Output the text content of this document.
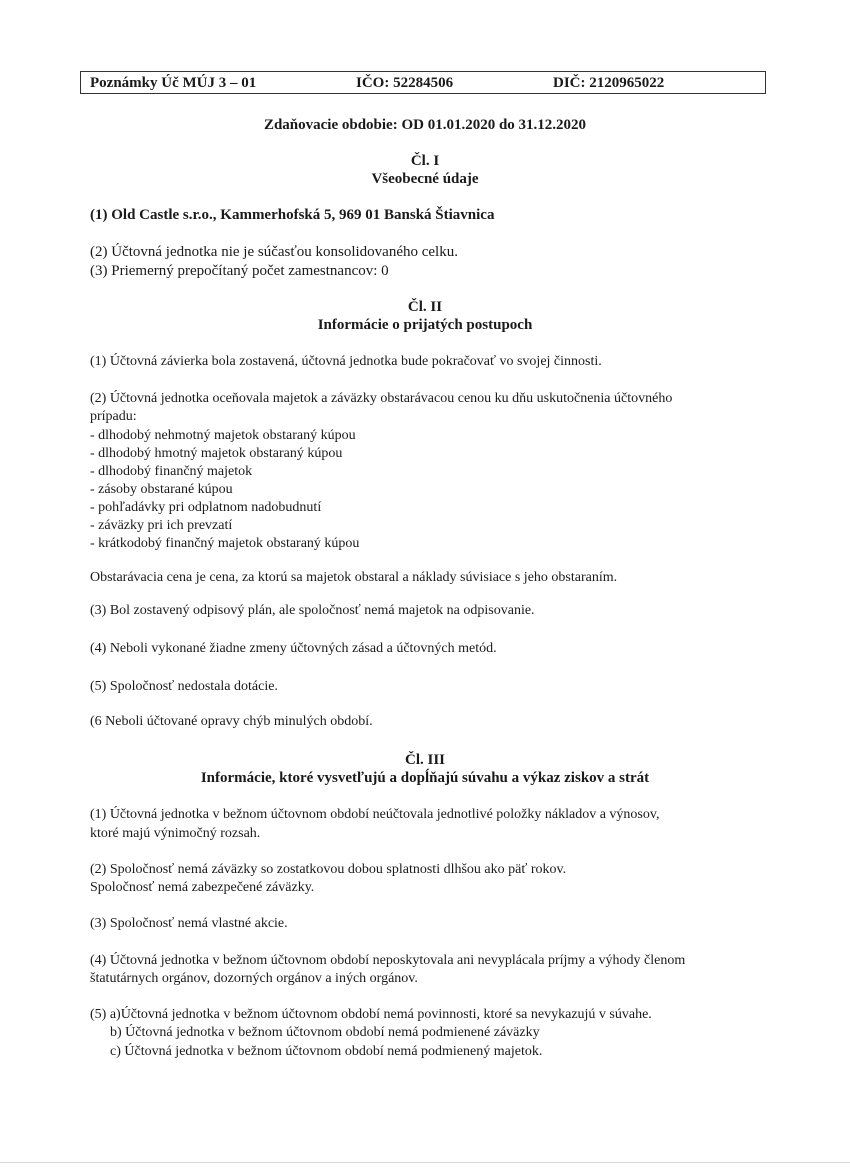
Poznámky Úč MÚJ 3 – 01	IČO: 52284506	DIČ: 2120965022
Zdaňovacie obdobie: OD 01.01.2020 do 31.12.2020
Čl. I
Všeobecné údaje
(1) Old Castle s.r.o., Kammerhofská 5, 969 01 Banská Štiavnica
(2) Účtovná jednotka nie je súčasťou konsolidovaného celku.
(3) Priemerný prepočítaný počet zamestnancov: 0
Čl. II
Informácie o prijatých postupoch
(1) Účtovná závierka bola zostavená, účtovná jednotka bude pokračovať vo svojej činnosti.
(2) Účtovná jednotka oceňovala majetok a záväzky obstarávacou cenou ku dňu uskutočnenia účtovného
prípadu:
- dlhodobý nehmotný majetok obstaraný kúpou
- dlhodobý hmotný majetok obstaraný kúpou
- dlhodobý finančný majetok
- zásoby obstarané kúpou
- pohľadávky pri odplatnom nadobudnutí
- záväzky pri ich prevzatí
- krátkodobý finančný majetok obstaraný kúpou
Obstarávacia cena je cena, za ktorú sa majetok obstaral a náklady súvisiace s jeho obstaraním.
(3) Bol zostavený odpisový plán, ale spoločnosť nemá majetok na odpisovanie.
(4) Neboli vykonané žiadne zmeny účtovných zásad a účtovných metód.
(5) Spoločnosť nedostala dotácie.
(6 Neboli účtované opravy chýb minulých období.
Čl. III
Informácie, ktoré vysvetľujú a dopĺňajú súvahu a výkaz ziskov a strát
(1) Účtovná jednotka v bežnom účtovnom období neúčtovala jednotlivé položky nákladov a výnosov,
ktoré majú výnimočný rozsah.
(2) Spoločnosť nemá záväzky so zostatkovou dobou splatnosti dlhšou ako päť rokov.
Spoločnosť nemá zabezpečené záväzky.
(3) Spoločnosť nemá vlastné akcie.
(4) Účtovná jednotka v bežnom účtovnom období neposkytovala ani nevyplácala príjmy a výhody členom
štatutárnych orgánov, dozorných orgánov a iných orgánov.
(5) a)Účtovná jednotka v bežnom účtovnom období nemá povinnosti, ktoré sa nevykazujú v súvahe.
b) Účtovná jednotka v bežnom účtovnom období nemá podmienené záväzky
c) Účtovná jednotka v bežnom účtovnom období nemá podmienený majetok.
